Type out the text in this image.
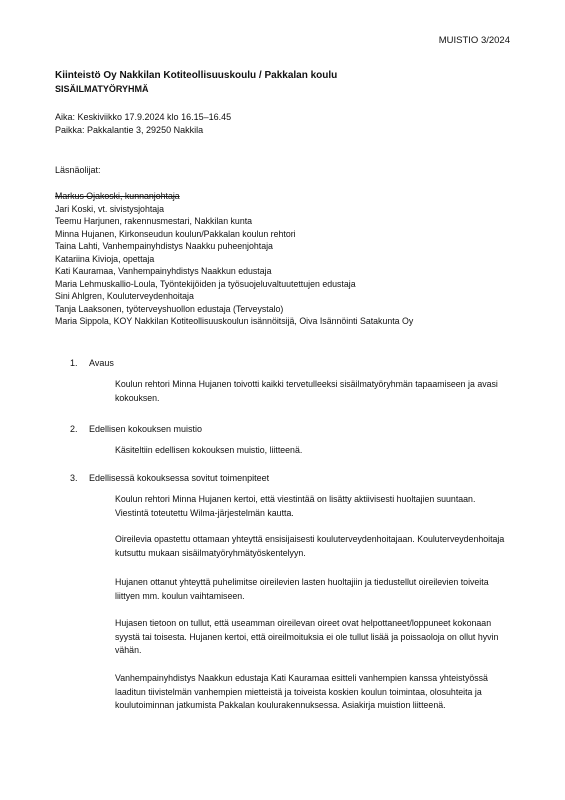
MUISTIO 3/2024
Kiinteistö Oy Nakkilan Kotiteollisuuskoulu / Pakkalan koulu
SISÄILMATYÖRYHMÄ
Aika: Keskiviikko 17.9.2024 klo 16.15–16.45
Paikka: Pakkalantie 3, 29250 Nakkila
Läsnäolijat:
Markus Ojakoski, kunnanjohtaja
Jari Koski, vt. sivistysjohtaja
Teemu Harjunen, rakennusmestari, Nakkilan kunta
Minna Hujanen, Kirkonseudun koulun/Pakkalan koulun rehtori
Taina Lahti, Vanhempainyhdistys Naakku puheenjohtaja
Katariina Kivioja, opettaja
Kati Kauramaa, Vanhempainyhdistys Naakkun edustaja
Maria Lehmuskallio-Loula, Työntekijöiden ja työsuojeluvaltuutettujen edustaja
Sini Ahlgren, Kouluterveydenhoitaja
Tanja Laaksonen, työterveyshuollon edustaja (Terveystalo)
Maria Sippola, KOY Nakkilan Kotiteollisuuskoulun isännöitsijä, Oiva Isännöinti Satakunta Oy
1. Avaus
Koulun rehtori Minna Hujanen toivotti kaikki tervetulleeksi sisäilmatyöryhmän tapaamiseen ja avasi kokouksen.
2. Edellisen kokouksen muistio
Käsiteltiin edellisen kokouksen muistio, liitteenä.
3. Edellisessä kokouksessa sovitut toimenpiteet
Koulun rehtori Minna Hujanen kertoi, että viestintää on lisätty aktiivisesti huoltajien suuntaan. Viestintä toteutettu Wilma-järjestelmän kautta.
Oireilevia opastettu ottamaan yhteyttä ensisijaisesti kouluterveydenhoitajaan. Kouluterveydenhoitaja kutsuttu mukaan sisäilmatyöryhmätyöskentelyyn.
Hujanen ottanut yhteyttä puhelimitse oireilevien lasten huoltajiin ja tiedustellut oireilevien toiveita liittyen mm. koulun vaihtamiseen.
Hujasen tietoon on tullut, että useamman oireilevan oireet ovat helpottaneet/loppuneet kokonaan syystä tai toisesta. Hujanen kertoi, että oireilmoituksia ei ole tullut lisää ja poissaoloja on ollut hyvin vähän.
Vanhempainyhdistys Naakkun edustaja Kati Kauramaa esitteli vanhempien kanssa yhteistyössä laaditun tiivistelmän vanhempien mietteistä ja toiveista koskien koulun toimintaa, olosuhteita ja koulutoiminnan jatkumista Pakkalan koulurakennuksessa. Asiakirja muistion liitteenä.
